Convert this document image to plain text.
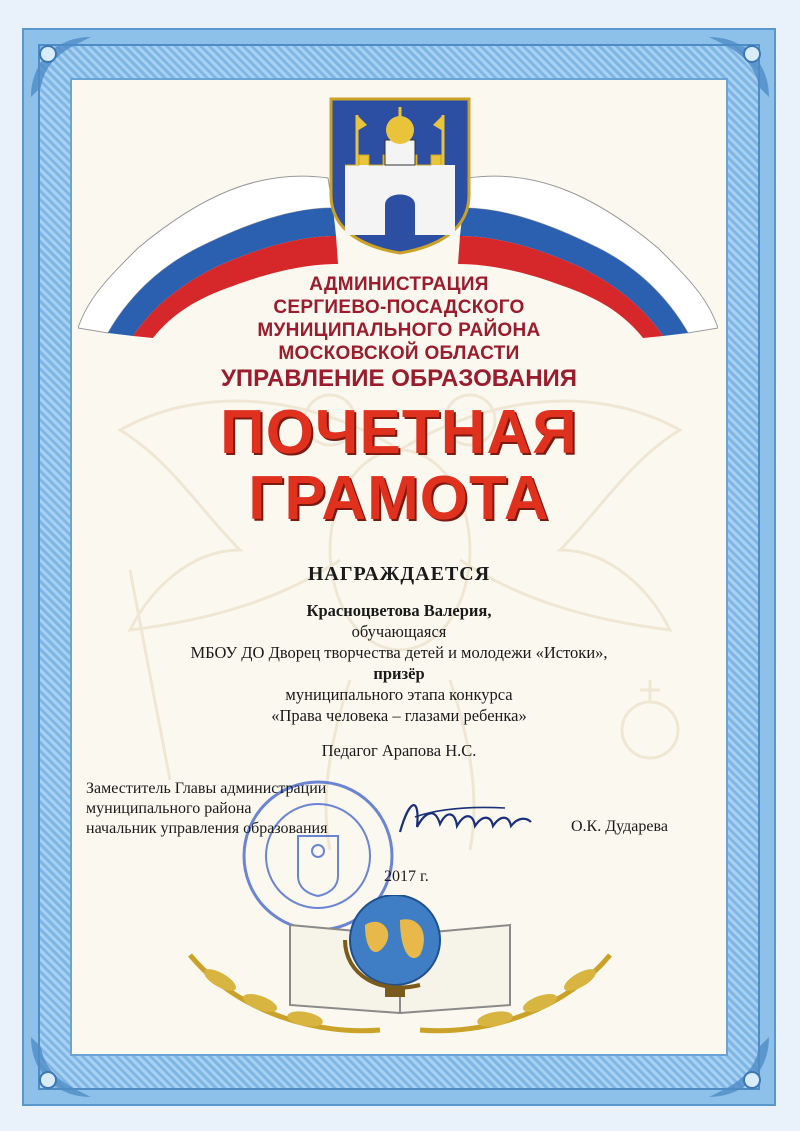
АДМИНИСТРАЦИЯ
СЕРГИЕВО-ПОСАДСКОГО
МУНИЦИПАЛЬНОГО РАЙОНА
МОСКОВСКОЙ ОБЛАСТИ
УПРАВЛЕНИЕ ОБРАЗОВАНИЯ
ПОЧЕТНАЯ
ГРАМОТА
НАГРАЖДАЕТСЯ
Красноцветова Валерия,
обучающаяся
МБОУ ДО Дворец творчества детей и молодежи «Истоки»,
призёр
муниципального этапа конкурса
«Права человека – глазами ребенка»
Педагог Арапова Н.С.
Заместитель Главы администрации
муниципального района
начальник управления образования	О.К. Дударева
2017 г.
